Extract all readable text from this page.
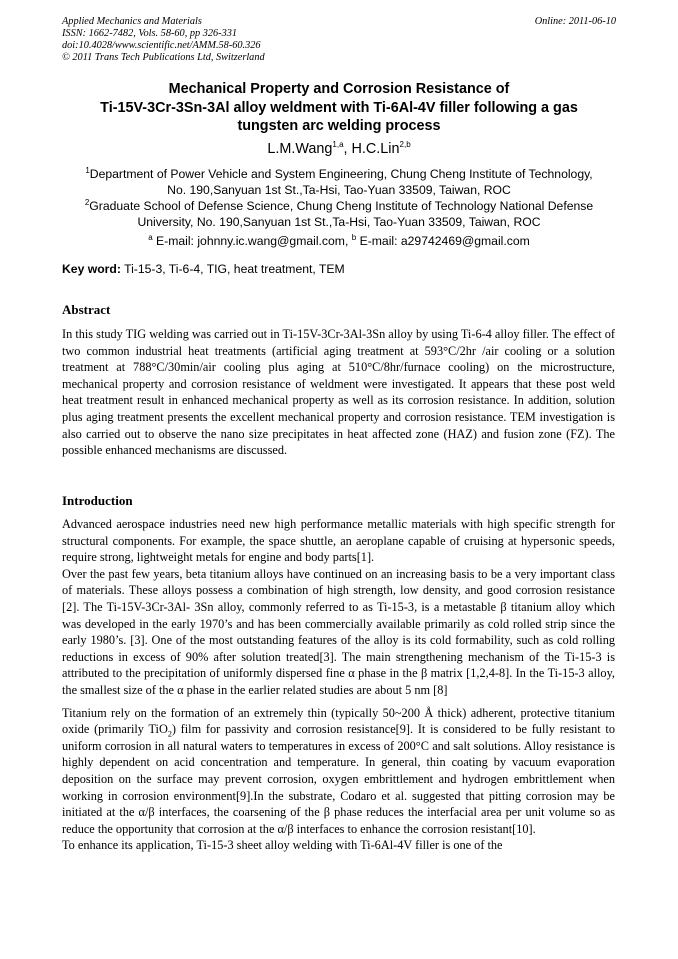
Applied Mechanics and Materials
ISSN: 1662-7482, Vols. 58-60, pp 326-331
doi:10.4028/www.scientific.net/AMM.58-60.326
© 2011 Trans Tech Publications Ltd, Switzerland
Online: 2011-06-10
Mechanical Property and Corrosion Resistance of
Ti-15V-3Cr-3Sn-3Al alloy weldment with Ti-6Al-4V filler following a gas
tungsten arc welding process
L.M.Wang$^{1,a}$, H.C.Lin$^{2,b}$
$^1$Department of Power Vehicle and System Engineering, Chung Cheng Institute of Technology,
No. 190,Sanyuan 1st St.,Ta-Hsi, Tao-Yuan 33509, Taiwan, ROC
$^2$Graduate School of Defense Science, Chung Cheng Institute of Technology National Defense
University, No. 190,Sanyuan 1st St.,Ta-Hsi, Tao-Yuan 33509, Taiwan, ROC
$^a$ E-mail: johnny.ic.wang@gmail.com, $^b$ E-mail: a29742469@gmail.com
Key word: Ti-15-3, Ti-6-4, TIG, heat treatment, TEM
Abstract

In this study TIG welding was carried out in Ti-15V-3Cr-3Al-3Sn alloy by using Ti-6-4 alloy filler. The effect of two common industrial heat treatments (artificial aging treatment at 593°C/2hr /air cooling or a solution treatment at 788°C/30min/air cooling plus aging at 510°C/8hr/furnace cooling) on the microstructure, mechanical property and corrosion resistance of weldment were investigated. It appears that these post weld heat treatment result in enhanced mechanical property as well as its corrosion resistance. In addition, solution plus aging treatment presents the excellent mechanical property and corrosion resistance. TEM investigation is also carried out to observe the nano size precipitates in heat affected zone (HAZ) and fusion zone (FZ). The possible enhanced mechanisms are discussed.

Introduction

Advanced aerospace industries need new high performance metallic materials with high specific strength for structural components. For example, the space shuttle, an aeroplane capable of cruising at hypersonic speeds, require strong, lightweight metals for engine and body parts[1].

Over the past few years, beta titanium alloys have continued on an increasing basis to be a very important class of materials. These alloys possess a combination of high strength, low density, and good corrosion resistance [2]. The Ti-15V-3Cr-3Al- 3Sn alloy, commonly referred to as Ti-15-3, is a metastable β titanium alloy which was developed in the early 1970’s and has been commercially available primarily as cold rolled strip since the early 1980’s. [3]. One of the most outstanding features of the alloy is its cold formability, such as cold rolling reductions in excess of 90% after solution treated[3]. The main strengthening mechanism of the Ti-15-3 is attributed to the precipitation of uniformly dispersed fine α phase in the β matrix [1,2,4-8]. In the Ti-15-3 alloy, the smallest size of the α phase in the earlier related studies are about 5 nm [8]

Titanium rely on the formation of an extremely thin (typically 50~200 Å thick) adherent, protective titanium oxide (primarily TiO$_2$) film for passivity and corrosion resistance[9]. It is considered to be fully resistant to uniform corrosion in all natural waters to temperatures in excess of 200°C and salt solutions. Alloy resistance is highly dependent on acid concentration and temperature. In general, thin coating by vacuum evaporation deposition on the surface may prevent corrosion, oxygen embrittlement and hydrogen embrittlement when working in corrosion environment[9].In the substrate, Codaro et al. suggested that pitting corrosion may be initiated at the α/β interfaces, the coarsening of the β phase reduces the interfacial area per unit volume so as reduce the opportunity that corrosion at the α/β interfaces to enhance the corrosion resistant[10].

To enhance its application, Ti-15-3 sheet alloy welding with Ti-6Al-4V filler is one of the
